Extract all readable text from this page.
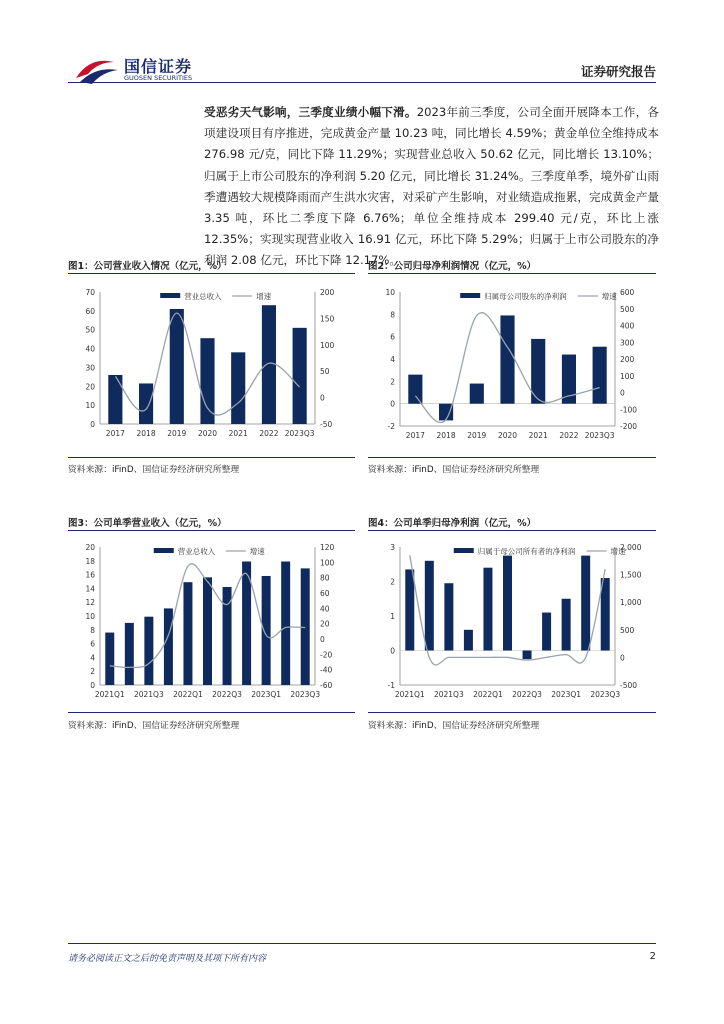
国信证券
GUOSEN SECURITIES	证券研究报告
受恶劣天气影响，三季度业绩小幅下滑。2023年前三季度，公司全面开展降本工作，各项建设项目有序推进，完成黄金产量 10.23 吨，同比增长 4.59%；黄金单位全维持成本 276.98 元/克，同比下降 11.29%；实现营业总收入 50.62 亿元，同比增长 13.10%；归属于上市公司股东的净利润 5.20 亿元，同比增长 31.24%。三季度单季，境外矿山雨季遭遇较大规模降雨而产生洪水灾害，对采矿产生影响，对业绩造成拖累，完成黄金产量 3.35 吨，环比二季度下降 6.76%；单位全维持成本 299.40 元/克，环比上涨 12.35%；实现实现营业收入 16.91 亿元，环比下降 5.29%；归属于上市公司股东的净利润 2.08 亿元，环比下降 12.17%。
图1：公司营业收入情况（亿元，%）
0
10
20
30
40
50
60
70
-50
0
50
100
150
200
2017 2018 2019 2020 2021 2022 2023Q3
营业总收入	增速
资料来源：iFinD、国信证券经济研究所整理
图2：公司归母净利润情况（亿元，%）
-2
0
2
4
6
8
10
-200
-100
0
100
200
300
400
500
600
2017 2018 2019 2020 2021 2022 2023Q3
归属母公司股东的净利润	增速
资料来源：iFinD、国信证券经济研究所整理
图3：公司单季营业收入（亿元，%）
0
2
4
6
8
10
12
14
16
18
20
-60
-40
-20
0
20
40
60
80
100
120
2021Q1 2021Q3 2022Q1 2022Q3 2023Q1 2023Q3
营业总收入	增速
资料来源：iFinD、国信证券经济研究所整理
图4：公司单季归母净利润（亿元，%）
-1
0
1
2
3
-500
0
500
1,000
1,500
2,000
2021Q1 2021Q3 2022Q1 2022Q3 2023Q1 2023Q3
归属于母公司所有者的净利润	增速
资料来源：iFinD、国信证券经济研究所整理
请务必阅读正文之后的免责声明及其项下所有内容	2
